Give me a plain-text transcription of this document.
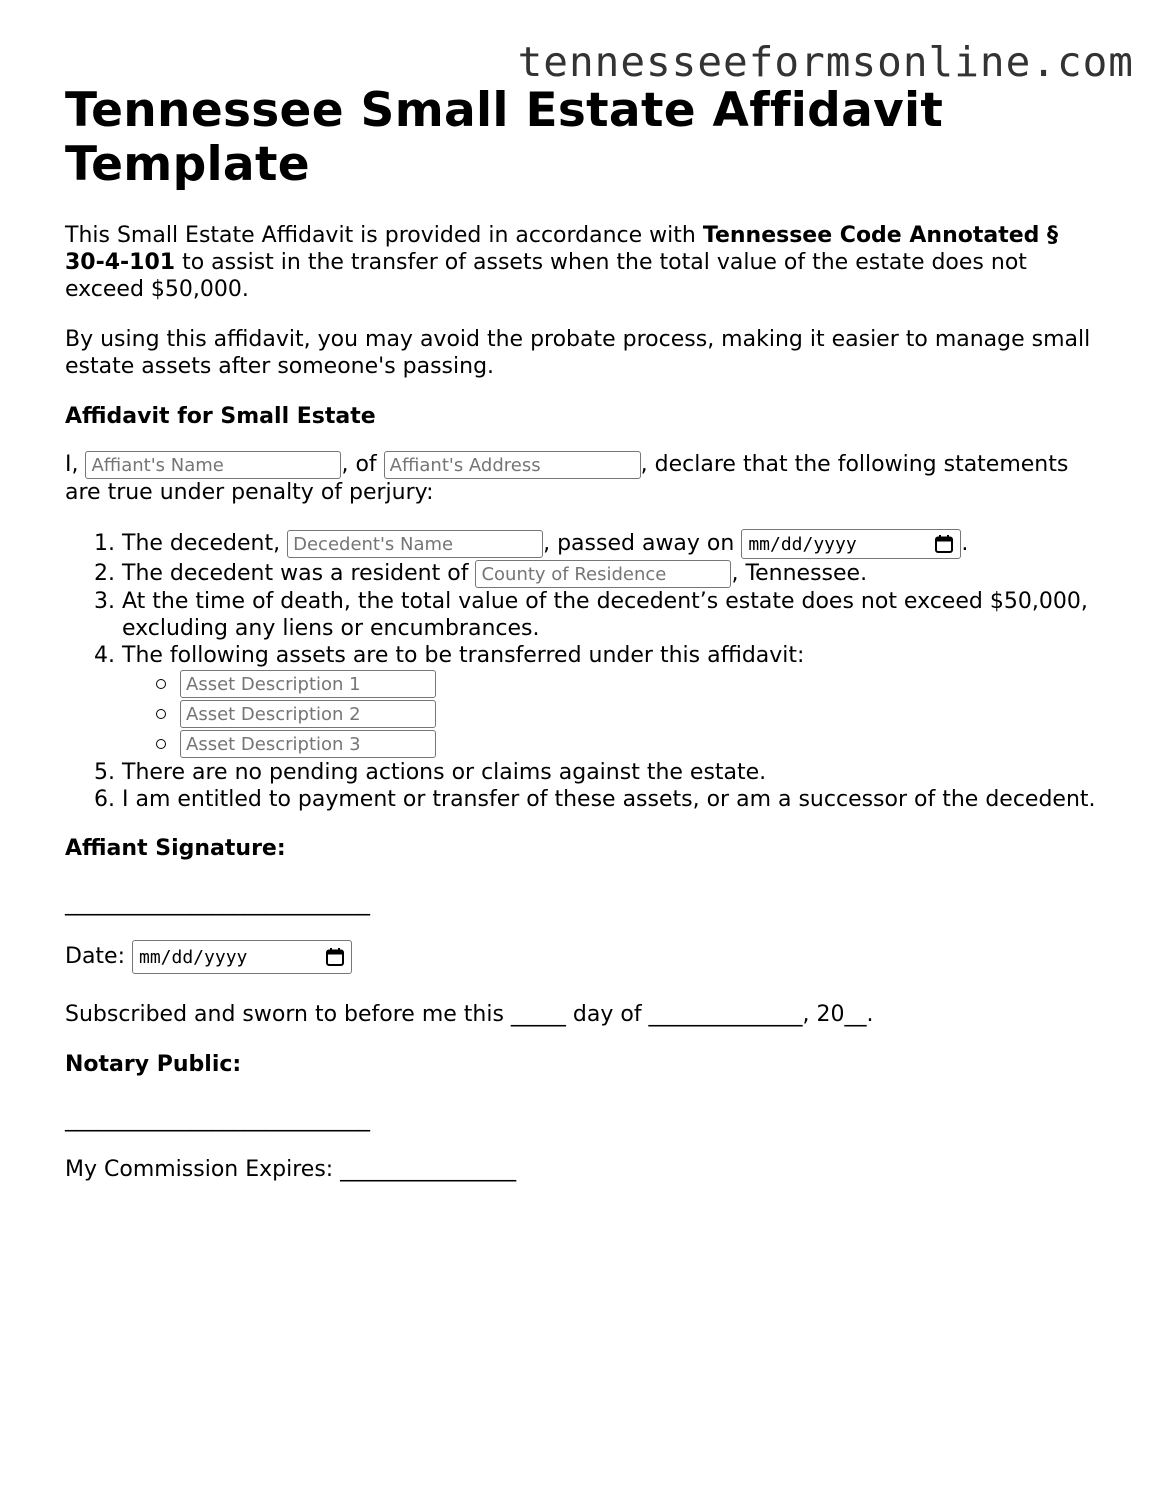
tennesseeformsonline.com
Tennessee Small Estate Affidavit Template

This Small Estate Affidavit is provided in accordance with Tennessee Code Annotated § 30-4-101 to assist in the transfer of assets when the total value of the estate does not exceed $50,000.

By using this affidavit, you may avoid the probate process, making it easier to manage small estate assets after someone's passing.

Affidavit for Small Estate

I, Affiant's Name	, of Affiant's Address	, declare that the following statements are true under penalty of perjury:

1. The decedent, Decedent's Name	, passed away on mm/dd/yyyy	.
2. The decedent was a resident of County of Residence	, Tennessee.
3. At the time of death, the total value of the decedent’s estate does not exceed $50,000, excluding any liens or encumbrances.
4. The following assets are to be transferred under this affidavit:
Asset Description 1
Asset Description 2
Asset Description 3
5. There are no pending actions or claims against the estate.
6. I am entitled to payment or transfer of these assets, or am a successor of the decedent.
Affiant Signature:

_____________________________

Date: mm/dd/yyyy

Subscribed and sworn to before me this _____ day of ______________, 20__.

Notary Public:

_____________________________

My Commission Expires: ________________
